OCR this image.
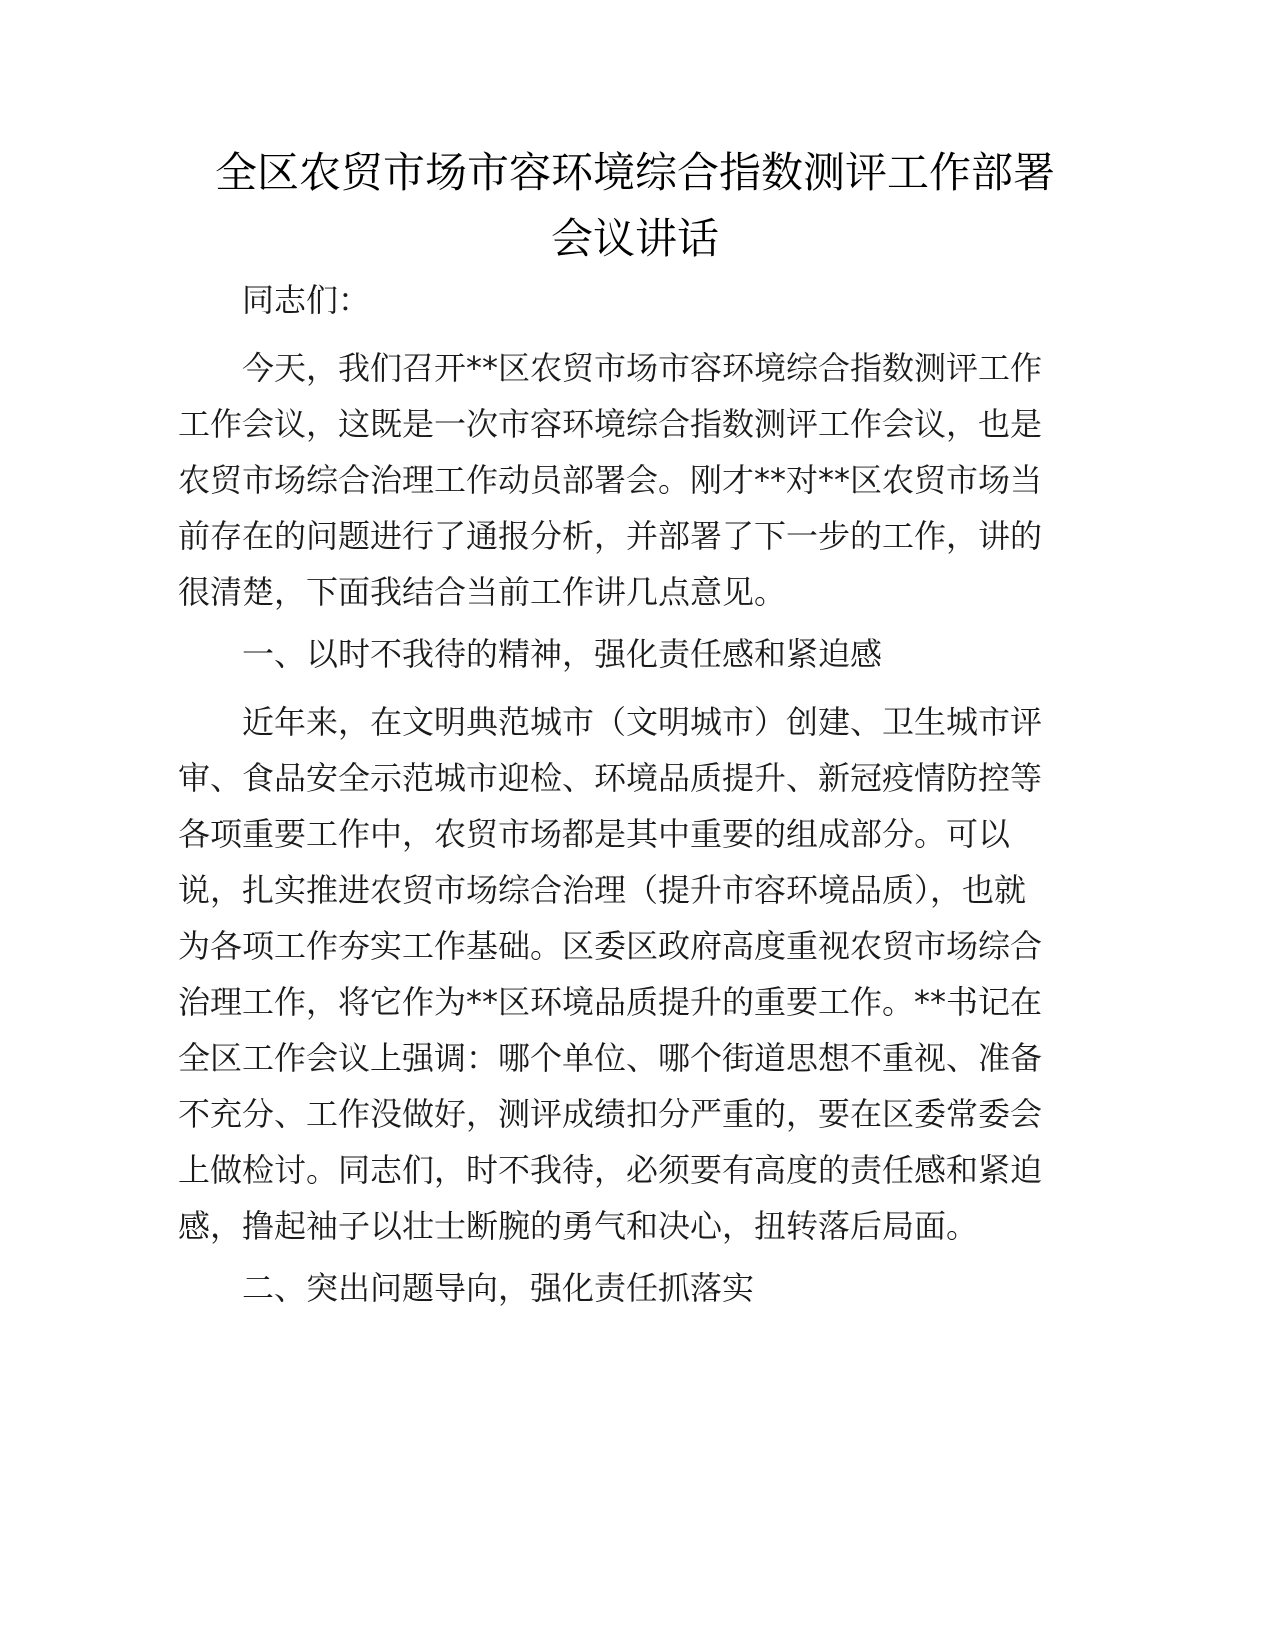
全区农贸市场市容环境综合指数测评工作部署
会议讲话

同志们：

今天，我们召开**区农贸市场市容环境综合指数测评工作
工作会议，这既是一次市容环境综合指数测评工作会议，也是
农贸市场综合治理工作动员部署会。刚才**对**区农贸市场当
前存在的问题进行了通报分析，并部署了下一步的工作，讲的
很清楚，下面我结合当前工作讲几点意见。

一、以时不我待的精神，强化责任感和紧迫感

近年来，在文明典范城市（文明城市）创建、卫生城市评
审、食品安全示范城市迎检、环境品质提升、新冠疫情防控等
各项重要工作中，农贸市场都是其中重要的组成部分。可以
说，扎实推进农贸市场综合治理（提升市容环境品质），也就
为各项工作夯实工作基础。区委区政府高度重视农贸市场综合
治理工作，将它作为**区环境品质提升的重要工作。**书记在
全区工作会议上强调：哪个单位、哪个街道思想不重视、准备
不充分、工作没做好，测评成绩扣分严重的，要在区委常委会
上做检讨。同志们，时不我待，必须要有高度的责任感和紧迫
感，撸起袖子以壮士断腕的勇气和决心，扭转落后局面。

二、突出问题导向，强化责任抓落实
